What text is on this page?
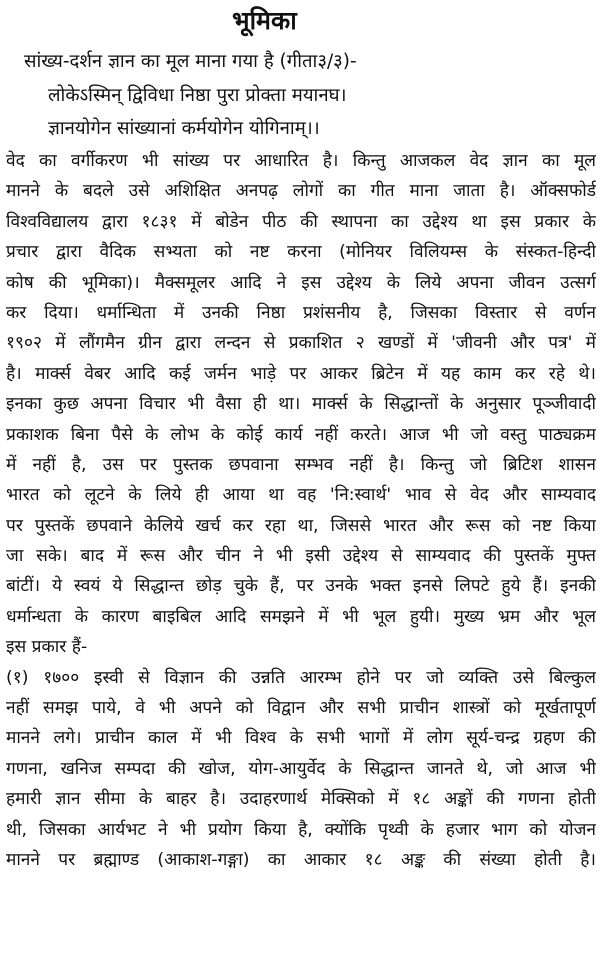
भूमिका
सांख्य-दर्शन ज्ञान का मूल माना गया है (गीता३/३)-
लोकेऽस्मिन् द्विविधा निष्ठा पुरा प्रोक्ता मयानघ।
ज्ञानयोगेन सांख्यानां कर्मयोगेन योगिनाम्।।
वेद का वर्गीकरण भी सांख्य पर आधारित है। किन्तु आजकल वेद ज्ञान का मूल
मानने के बदले उसे अशिक्षित अनपढ़ लोगों का गीत माना जाता है। ऑक्सफोर्ड
विश्वविद्यालय द्वारा १८३१ में बोडेन पीठ की स्थापना का उद्देश्य था इस प्रकार के
प्रचार द्वारा वैदिक सभ्यता को नष्ट करना (मोनियर विलियम्स के संस्कत-हिन्दी
कोष की भूमिका)। मैक्समूलर आदि ने इस उद्देश्य के लिये अपना जीवन उत्सर्ग
कर दिया। धर्मान्धिता में उनकी निष्ठा प्रशंसनीय है, जिसका विस्तार से वर्णन
१९०२ में लौंगमैन ग्रीन द्वारा लन्दन से प्रकाशित २ खण्डों में 'जीवनी और पत्र' में
है। मार्क्स वेबर आदि कई जर्मन भाड़े पर आकर ब्रिटेन में यह काम कर रहे थे।
इनका कुछ अपना विचार भी वैसा ही था। मार्क्स के सिद्धान्तों के अनुसार पूञ्जीवादी
प्रकाशक बिना पैसे के लोभ के कोई कार्य नहीं करते। आज भी जो वस्तु पाठ्यक्रम
में नहीं है, उस पर पुस्तक छपवाना सम्भव नहीं है। किन्तु जो ब्रिटिश शासन
भारत को लूटने के लिये ही आया था वह 'नि:स्वार्थ' भाव से वेद और साम्यवाद
पर पुस्तकें छपवाने केलिये खर्च कर रहा था, जिससे भारत और रूस को नष्ट किया
जा सके। बाद में रूस और चीन ने भी इसी उद्देश्य से साम्यवाद की पुस्तकें मुफ्त
बांटीं। ये स्वयं ये सिद्धान्त छोड़ चुके हैं, पर उनके भक्त इनसे लिपटे हुये हैं। इनकी
धर्मान्धता के कारण बाइबिल आदि समझने में भी भूल हुयी। मुख्य भ्रम और भूल
इस प्रकार हैं-
(१) १७०० इस्वी से विज्ञान की उन्नति आरम्भ होने पर जो व्यक्ति उसे बिल्कुल
नहीं समझ पाये, वे भी अपने को विद्वान और सभी प्राचीन शास्त्रों को मूर्खतापूर्ण
मानने लगे। प्राचीन काल में भी विश्व के सभी भागों में लोग सूर्य-चन्द्र ग्रहण की
गणना, खनिज सम्पदा की खोज, योग-आयुर्वेद के सिद्धान्त जानते थे, जो आज भी
हमारी ज्ञान सीमा के बाहर है। उदाहरणार्थ मेक्सिको में १८ अङ्कों की गणना होती
थी, जिसका आर्यभट ने भी प्रयोग किया है, क्योंकि पृथ्वी के हजार भाग को योजन
मानने पर ब्रह्माण्ड (आकाश-गङ्गा) का आकार १८ अङ्क की संख्या होती है।
